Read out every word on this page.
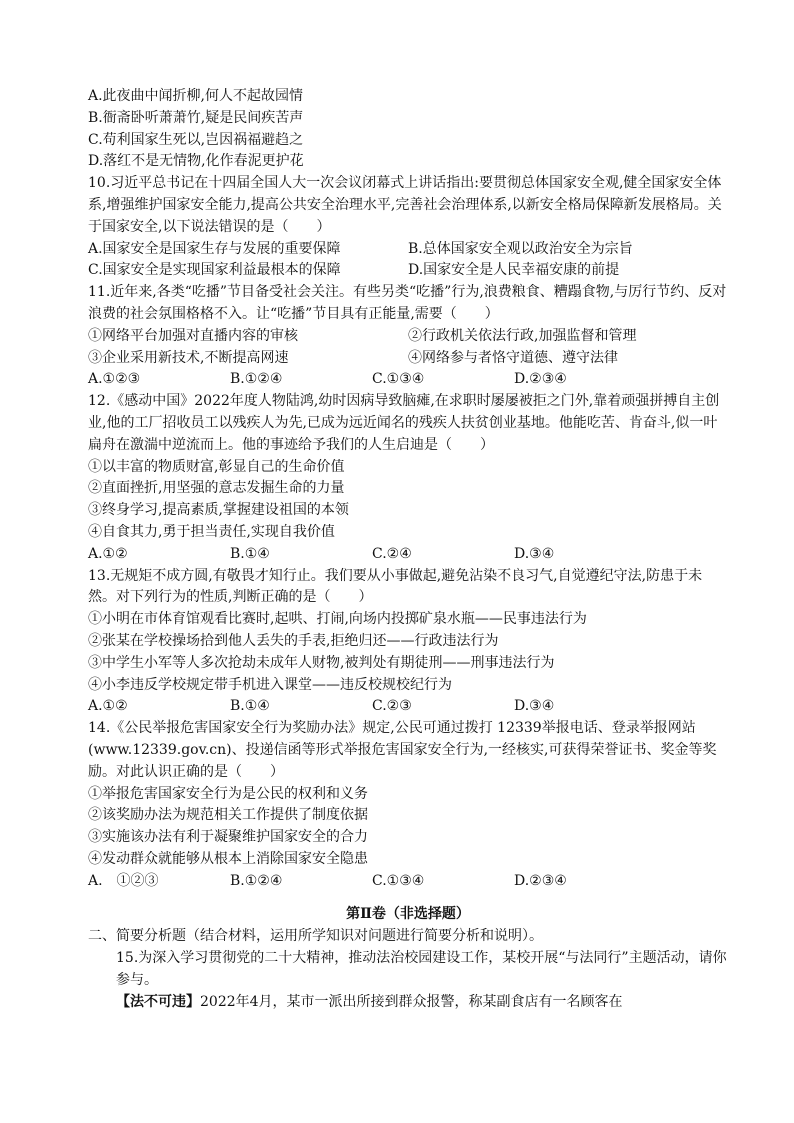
A.此夜曲中闻折柳,何人不起故园情
B.衙斋卧听萧萧竹,疑是民间疾苦声
C.苟利国家生死以,岂因祸福避趋之
D.落红不是无情物,化作春泥更护花
10.习近平总书记在十四届全国人大一次会议闭幕式上讲话指出:要贯彻总体国家安全观,健全国家安全体系,增强维护国家安全能力,提高公共安全治理水平,完善社会治理体系,以新安全格局保障新发展格局。关于国家安全,以下说法错误的是（　　）
A.国家安全是国家生存与发展的重要保障	B.总体国家安全观以政治安全为宗旨
C.国家安全是实现国家利益最根本的保障	D.国家安全是人民幸福安康的前提
11.近年来,各类“吃播”节目备受社会关注。有些另类“吃播”行为,浪费粮食、糟蹋食物,与厉行节约、反对浪费的社会氛围格格不入。让“吃播”节目具有正能量,需要（　　）
①网络平台加强对直播内容的审核	②行政机关依法行政,加强监督和管理
③企业采用新技术,不断提高网速	④网络参与者恪守道德、遵守法律
A.①②③	B.①②④	C.①③④	D.②③④
12.《感动中国》2022年度人物陆鸿,幼时因病导致脑瘫,在求职时屡屡被拒之门外,靠着顽强拼搏自主创业,他的工厂招收员工以残疾人为先,已成为远近闻名的残疾人扶贫创业基地。他能吃苦、肯奋斗,似一叶扁舟在激湍中逆流而上。他的事迹给予我们的人生启迪是（　　）
①以丰富的物质财富,彰显自己的生命价值
②直面挫折,用坚强的意志发掘生命的力量
③终身学习,提高素质,掌握建设祖国的本领
④自食其力,勇于担当责任,实现自我价值
A.①②	B.①④	C.②④	D.③④
13.无规矩不成方圆,有敬畏才知行止。我们要从小事做起,避免沾染不良习气,自觉遵纪守法,防患于未然。对下列行为的性质,判断正确的是（　　）
①小明在市体育馆观看比赛时,起哄、打闹,向场内投掷矿泉水瓶——民事违法行为
②张某在学校操场拾到他人丢失的手表,拒绝归还——行政违法行为
③中学生小军等人多次抢劫未成年人财物,被判处有期徒刑——刑事违法行为
④小李违反学校规定带手机进入课堂——违反校规校纪行为
A.①②	B.①④	C.②③	D.③④
14.《公民举报危害国家安全行为奖励办法》规定,公民可通过拨打 12339举报电话、登录举报网站(www.12339.gov.cn)、投递信函等形式举报危害国家安全行为,一经核实,可获得荣誉证书、奖金等奖励。对此认识正确的是（　　）
①举报危害国家安全行为是公民的权利和义务
②该奖励办法为规范相关工作提供了制度依据
③实施该办法有利于凝聚维护国家安全的合力
④发动群众就能够从根本上消除国家安全隐患
A.　①②③	B.①②④	C.①③④	D.②③④
第Ⅱ卷（非选择题）
二、简要分析题（结合材料，运用所学知识对问题进行简要分析和说明）。
15.为深入学习贯彻党的二十大精神，推动法治校园建设工作，某校开展“与法同行”主题活动，请你参与。
【法不可违】2022年4月，某市一派出所接到群众报警，称某副食店有一名顾客在
